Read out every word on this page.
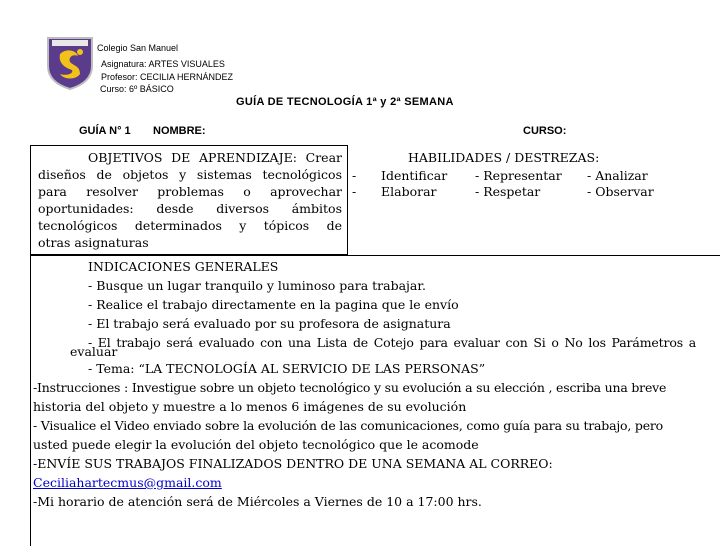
Colegio San Manuel
Asignatura: ARTES VISUALES
Profesor: CECILIA HERNÁNDEZ
Curso: 6º BÁSICO
GUÍA DE TECNOLOGÍA 1ª y 2ª SEMANA
GUÍA N° 1 NOMBRE:	CURSO:
OBJETIVOS DE APRENDIZAJE: Crear
diseños de objetos y sistemas tecnológicos
para resolver problemas o aprovechar
oportunidades: desde diversos ámbitos
tecnológicos determinados y tópicos de
otras asignaturas
HABILIDADES / DESTREZAS:
- Identificar - Representar - Analizar
- Elaborar	- Respetar	- Observar
INDICACIONES GENERALES
- Busque un lugar tranquilo y luminoso para trabajar.
- Realice el trabajo directamente en la pagina que le envío
- El trabajo será evaluado por su profesora de asignatura
- El trabajo será evaluado con una Lista de Cotejo para evaluar con Si o No los Parámetros a
evaluar
- Tema: “LA TECNOLOGÍA AL SERVICIO DE LAS PERSONAS”
-Instrucciones : Investigue sobre un objeto tecnológico y su evolución a su elección , escriba una breve
historia del objeto y muestre a lo menos 6 imágenes de su evolución
- Visualice el Video enviado sobre la evolución de las comunicaciones, como guía para su trabajo, pero
usted puede elegir la evolución del objeto tecnológico que le acomode
-ENVÍE SUS TRABAJOS FINALIZADOS DENTRO DE UNA SEMANA AL CORREO:
Ceciliahartecmus@gmail.com
-Mi horario de atención será de Miércoles a Viernes de 10 a 17:00 hrs.
